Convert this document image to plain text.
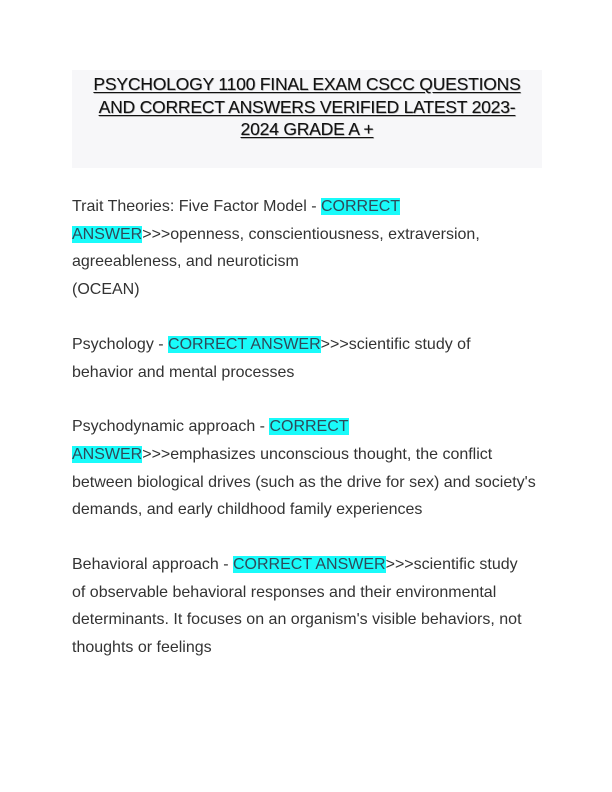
PSYCHOLOGY 1100 FINAL EXAM CSCC QUESTIONS
AND CORRECT ANSWERS VERIFIED LATEST 2023-
2024 GRADE A +
Trait Theories: Five Factor Model - CORRECT
ANSWER>>>openness, conscientiousness, extraversion,
agreeableness, and neuroticism
(OCEAN)
Psychology - CORRECT ANSWER>>>scientific study of
behavior and mental processes
Psychodynamic approach - CORRECT
ANSWER>>>emphasizes unconscious thought, the conflict
between biological drives (such as the drive for sex) and society's
demands, and early childhood family experiences
Behavioral approach - CORRECT ANSWER>>>scientific study
of observable behavioral responses and their environmental
determinants. It focuses on an organism's visible behaviors, not
thoughts or feelings
